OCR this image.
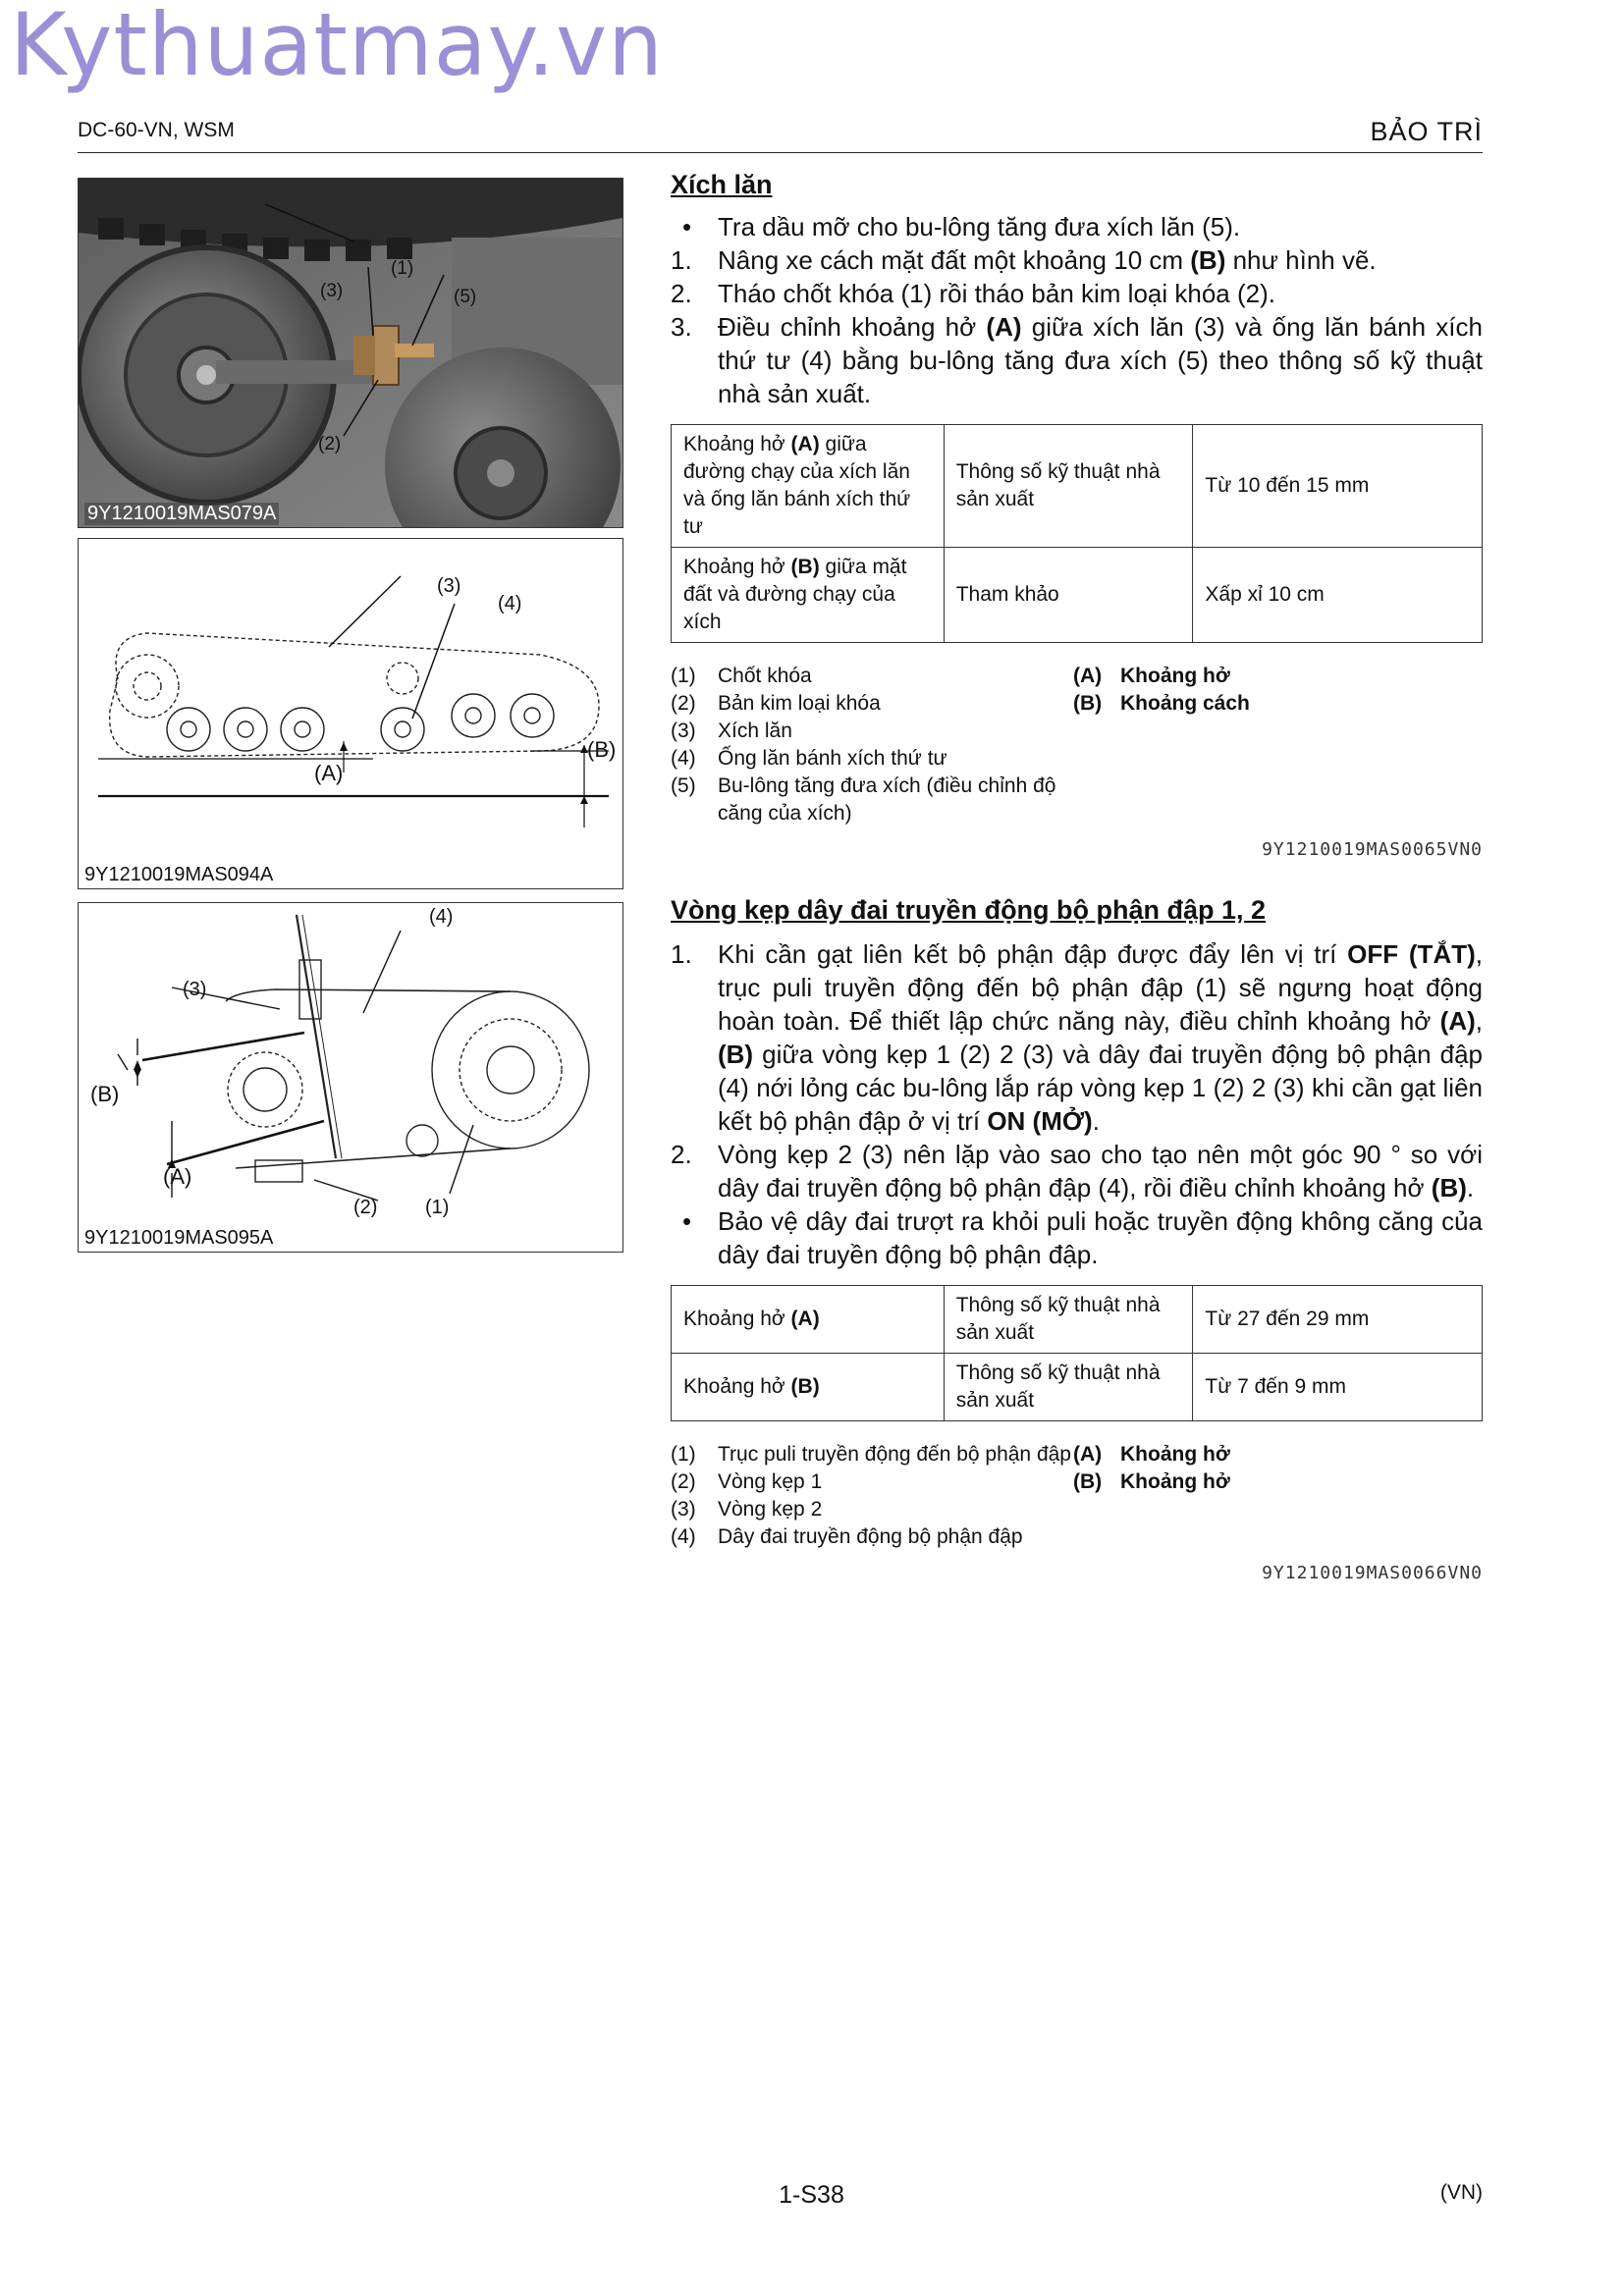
Kythuatmay.vn
DC-60-VN, WSM	BẢO TRÌ
(1)
(2)
(3)	(5)
9Y1210019MAS079A
(3)
(4)
(A)
(B)
9Y1210019MAS094A
(4)
(3)
(B)
(A)
(1)
(2)
9Y1210019MAS095A
Xích lăn
•	Tra dầu mỡ cho bu-lông tăng đưa xích lăn (5).
1.	Nâng xe cách mặt đất một khoảng 10 cm (B) như hình vẽ.
2.	Tháo chốt khóa (1) rồi tháo bản kim loại khóa (2).
3.	Điều chỉnh khoảng hở (A) giữa xích lăn (3) và ống lăn bánh xích thứ tư (4) bằng bu-lông tăng đưa xích (5) theo thông số kỹ thuật nhà sản xuất.
Khoảng hở (A) giữa đường chạy của xích lăn và ống lăn bánh xích thứ tư	Thông số kỹ thuật nhà sản xuất	Từ 10 đến 15 mm
Khoảng hở (B) giữa mặt đất và đường chạy của xích	Tham khảo	Xấp xỉ 10 cm
(1)	Chốt khóa
(2)	Bản kim loại khóa
(3)	Xích lăn
(4)	Ống lăn bánh xích thứ tư
(5)	Bu-lông tăng đưa xích (điều chỉnh độ căng của xích)
(A) Khoảng hở
(B) Khoảng cách
9Y1210019MAS0065VN0
Vòng kẹp dây đai truyền động bộ phận đập 1, 2
1.	Khi cần gạt liên kết bộ phận đập được đẩy lên vị trí OFF (TẮT), trục puli truyền động đến bộ phận đập (1) sẽ ngưng hoạt động hoàn toàn. Để thiết lập chức năng này, điều chỉnh khoảng hở (A), (B) giữa vòng kẹp 1 (2) 2 (3) và dây đai truyền động bộ phận đập (4) nới lỏng các bu-lông lắp ráp vòng kẹp 1 (2) 2 (3) khi cần gạt liên kết bộ phận đập ở vị trí ON (MỞ).
2.	Vòng kẹp 2 (3) nên lặp vào sao cho tạo nên một góc 90 ° so với dây đai truyền động bộ phận đập (4), rồi điều chỉnh khoảng hở (B).
•	Bảo vệ dây đai trượt ra khỏi puli hoặc truyền động không căng của dây đai truyền động bộ phận đập.
Khoảng hở (A)	Thông số kỹ thuật nhà sản xuất	Từ 27 đến 29 mm
Khoảng hở (B)	Thông số kỹ thuật nhà sản xuất	Từ 7 đến 9 mm
(1)	Trục puli truyền động đến bộ phận đập
(2)	Vòng kẹp 1
(3)	Vòng kẹp 2
(4)	Dây đai truyền động bộ phận đập
(A) Khoảng hở
(B) Khoảng hở
9Y1210019MAS0066VN0
1-S38	(VN)
